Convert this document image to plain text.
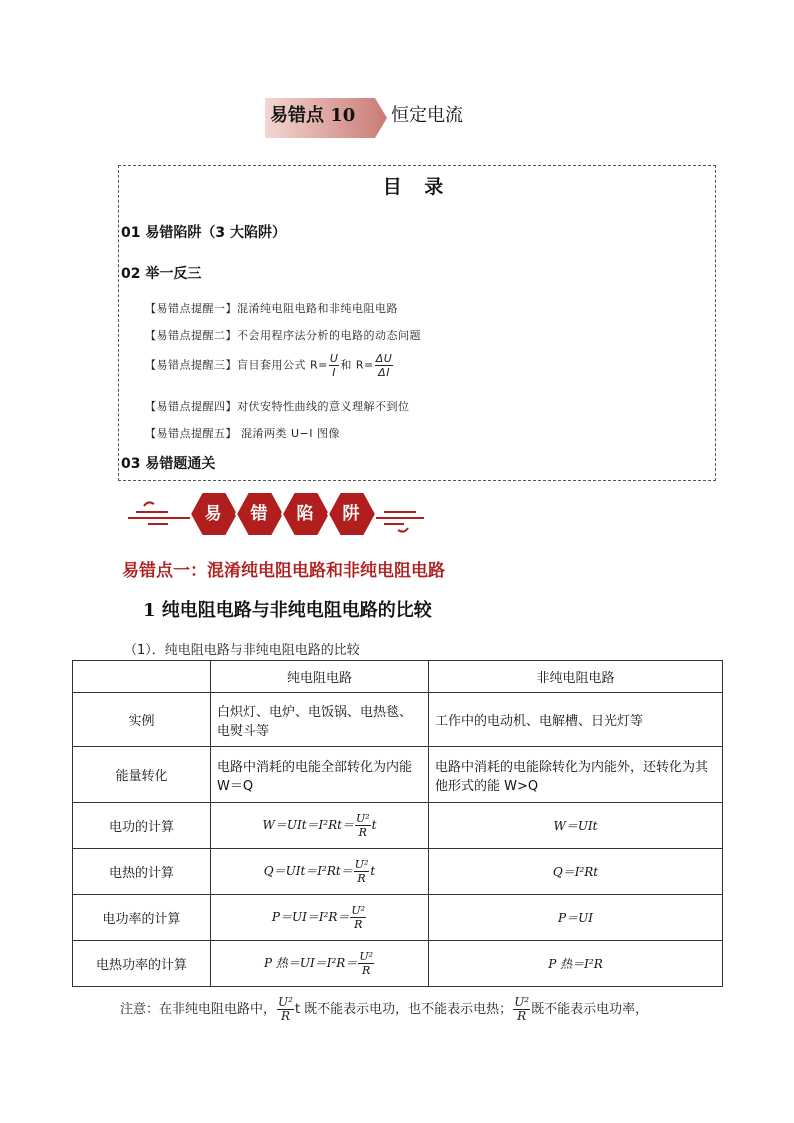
易错点 10 恒定电流
目 录
01 易错陷阱（3 大陷阱）
02 举一反三
【易错点提醒一】混淆纯电阻电路和非纯电阻电路
【易错点提醒二】不会用程序法分析的电路的动态问题
【易错点提醒三】盲目套用公式 $R= \frac{U}{I}$ 和 $R= \frac{\Delta U}{\Delta I}$
【易错点提醒四】对伏安特性曲线的意义理解不到位
【易错点提醒五】 混淆两类 U−I 图像
03 易错题通关
易	错	陷	阱
易错点一：混淆纯电阻电路和非纯电阻电路
1 纯电阻电路与非纯电阻电路的比较
（1）．纯电阻电路与非纯电阻电路的比较
	纯电阻电路	非纯电阻电路
实例	白炽灯、电炉、电饭锅、电热毯、电熨斗等	工作中的电动机、电解槽、日光灯等
能量转化	电路中消耗的电能全部转化为内能 W＝Q	电路中消耗的电能除转化为内能外，还转化为其他形式的能 W>Q
电功的计算	$W=UIt=I^2Rt= \frac{\text{U²}}{R}$ t	W＝UIt
电热的计算	$Q=UIt=I^2Rt= \frac{\text{U²}}{R}$ t	Q＝I²Rt
电功率的计算	$P=UI=I^2R= \frac{\text{U²}}{R}$	P＝UI
电热功率的计算	P 热$=UI=I^2R= \frac{\text{U²}}{R}$	P 热＝I²R
注意：在非纯电阻电路中， $\frac{\text{U²}}{R}$ t 既不能表示电功，也不能表示电热； $\frac{\text{U²}}{R}$ 既不能表示电功率，
